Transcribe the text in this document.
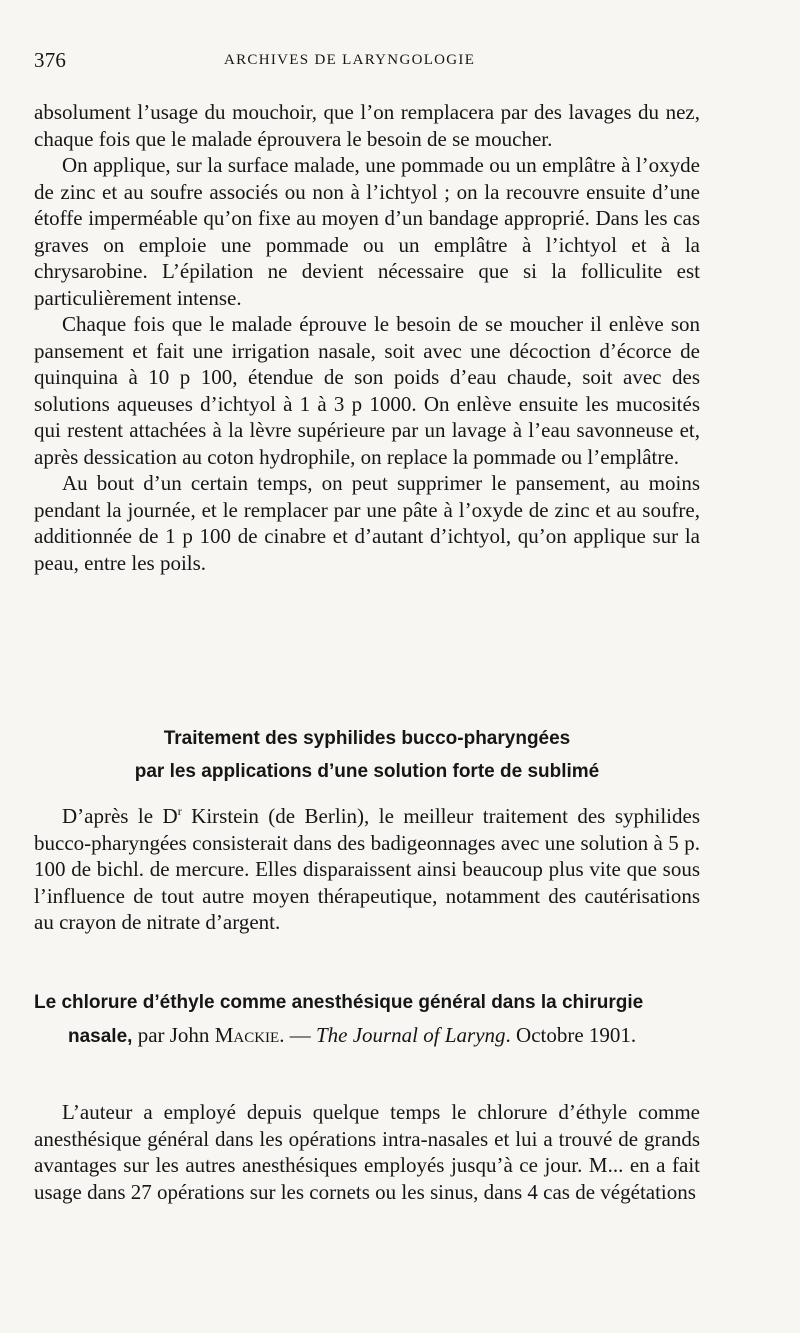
376	ARCHIVES DE LARYNGOLOGIE

absolument l’usage du mouchoir, que l’on remplacera par des lavages du nez, chaque fois que le malade éprouvera le besoin de se moucher.

On applique, sur la surface malade, une pommade ou un emplâtre à l’oxyde de zinc et au soufre associés ou non à l’ichtyol ; on la recouvre ensuite d’une étoffe imperméable qu’on fixe au moyen d’un bandage approprié. Dans les cas graves on emploie une pommade ou un emplâtre à l’ichtyol et à la chrysarobine. L’épilation ne devient nécessaire que si la folliculite est particulièrement intense.

Chaque fois que le malade éprouve le besoin de se moucher il enlève son pansement et fait une irrigation nasale, soit avec une décoction d’écorce de quinquina à 10 p 100, étendue de son poids d’eau chaude, soit avec des solutions aqueuses d’ichtyol à 1 à 3 p 1000. On enlève ensuite les mucosités qui restent attachées à la lèvre supérieure par un lavage à l’eau savonneuse et, après dessication au coton hydrophile, on replace la pommade ou l’emplâtre.

Au bout d’un certain temps, on peut supprimer le pansement, au moins pendant la journée, et le remplacer par une pâte à l’oxyde de zinc et au soufre, additionnée de 1 p 100 de cinabre et d’autant d’ichtyol, qu’on applique sur la peau, entre les poils.

Traitement des syphilides bucco-pharyngées
par les applications d’une solution forte de sublimé

D’après le $D^r$ Kirstein (de Berlin), le meilleur traitement des syphilides bucco-pharyngées consisterait dans des badigeonnages avec une solution à 5 p. 100 de bichl. de mercure. Elles disparaissent ainsi beaucoup plus vite que sous l’influence de tout autre moyen thérapeutique, notamment des cautérisations au crayon de nitrate d’argent.

Le chlorure d’éthyle comme anesthésique général dans la chirurgie nasale, par John Mackie. — The Journal of Laryng. Octobre 1901.

L’auteur a employé depuis quelque temps le chlorure d’éthyle comme anesthésique général dans les opérations intra-nasales et lui a trouvé de grands avantages sur les autres anesthésiques employés jusqu’à ce jour. M... en a fait usage dans 27 opérations sur les cornets ou les sinus, dans 4 cas de végétations
